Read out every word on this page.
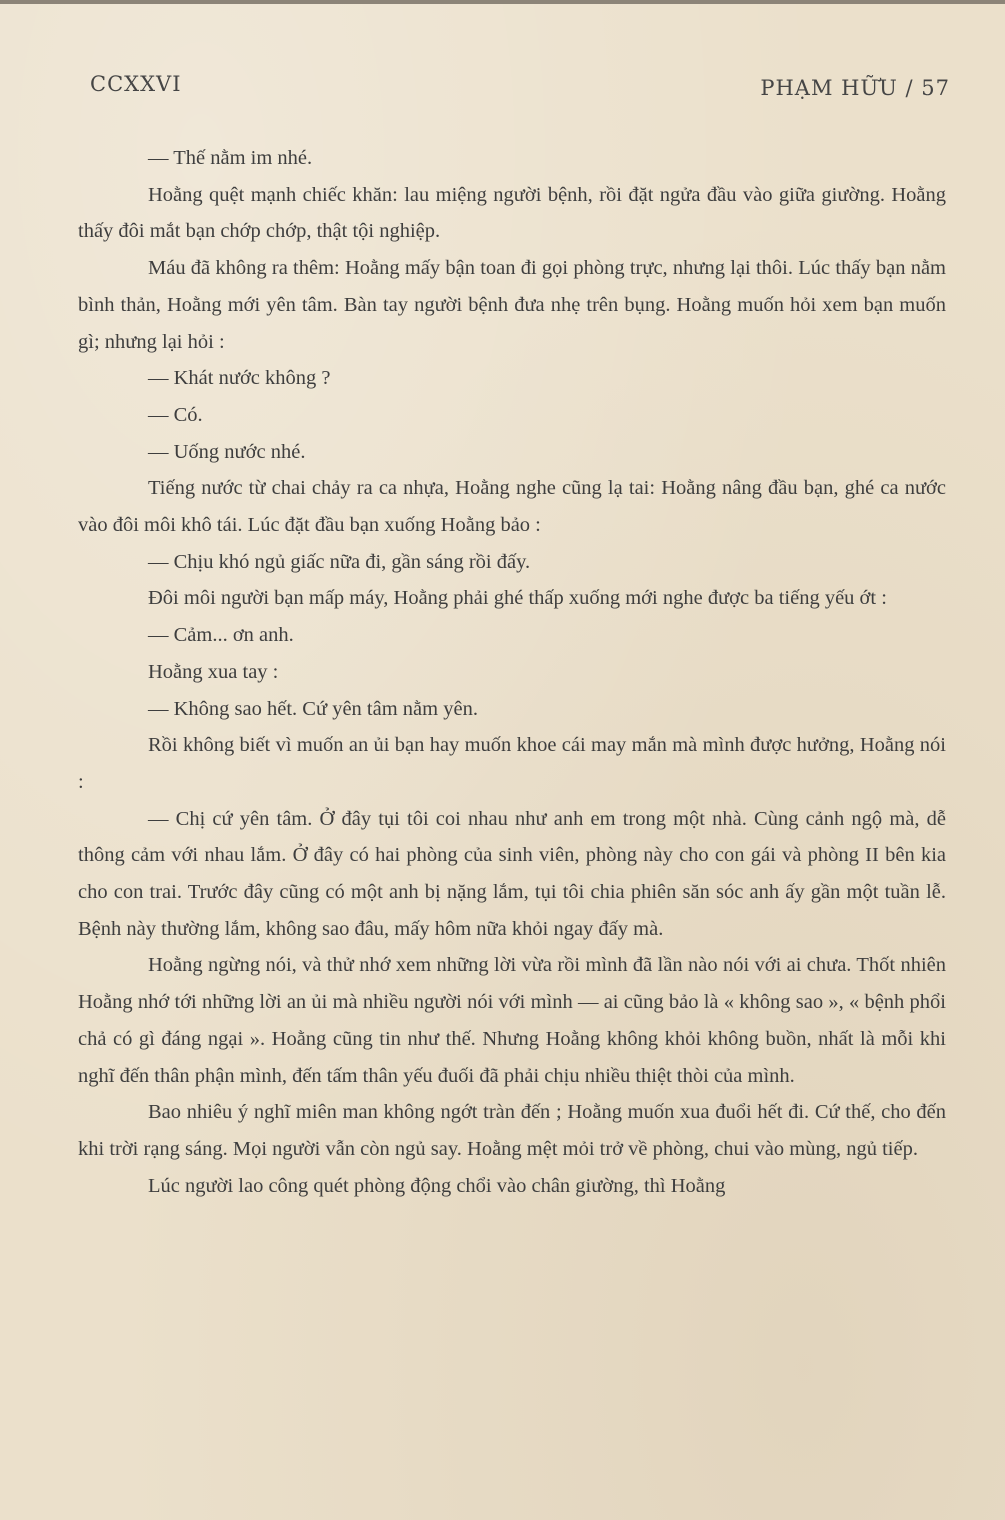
CCXXVI	PHẠM HỮU / 57

— Thế nằm im nhé.

Hoằng quệt mạnh chiếc khăn: lau miệng người bệnh, rồi đặt ngửa đầu vào giữa giường. Hoằng thấy đôi mắt bạn chớp chớp, thật tội nghiệp.

Máu đã không ra thêm: Hoằng mấy bận toan đi gọi phòng trực, nhưng lại thôi. Lúc thấy bạn nằm bình thản, Hoằng mới yên tâm. Bàn tay người bệnh đưa nhẹ trên bụng. Hoằng muốn hỏi xem bạn muốn gì; nhưng lại hỏi :

— Khát nước không ?

— Có.

— Uống nước nhé.

Tiếng nước từ chai chảy ra ca nhựa, Hoằng nghe cũng lạ tai: Hoằng nâng đầu bạn, ghé ca nước vào đôi môi khô tái. Lúc đặt đầu bạn xuống Hoằng bảo :

— Chịu khó ngủ giấc nữa đi, gần sáng rồi đấy.

Đôi môi người bạn mấp máy, Hoằng phải ghé thấp xuống mới nghe được ba tiếng yếu ớt :

— Cảm... ơn anh.

Hoằng xua tay :

— Không sao hết. Cứ yên tâm nằm yên.

Rồi không biết vì muốn an ủi bạn hay muốn khoe cái may mắn mà mình được hưởng, Hoằng nói :

— Chị cứ yên tâm. Ở đây tụi tôi coi nhau như anh em trong một nhà. Cùng cảnh ngộ mà, dễ thông cảm với nhau lắm. Ở đây có hai phòng của sinh viên, phòng này cho con gái và phòng II bên kia cho con trai. Trước đây cũng có một anh bị nặng lắm, tụi tôi chia phiên săn sóc anh ấy gần một tuần lễ. Bệnh này thường lắm, không sao đâu, mấy hôm nữa khỏi ngay đấy mà.

Hoằng ngừng nói, và thử nhớ xem những lời vừa rồi mình đã lần nào nói với ai chưa. Thốt nhiên Hoằng nhớ tới những lời an ủi mà nhiều người nói với mình — ai cũng bảo là « không sao », « bệnh phổi chả có gì đáng ngại ». Hoằng cũng tin như thế. Nhưng Hoằng không khỏi không buồn, nhất là mỗi khi nghĩ đến thân phận mình, đến tấm thân yếu đuối đã phải chịu nhiều thiệt thòi của mình.

Bao nhiêu ý nghĩ miên man không ngớt tràn đến ; Hoằng muốn xua đuổi hết đi. Cứ thế, cho đến khi trời rạng sáng. Mọi người vẫn còn ngủ say. Hoằng mệt mỏi trở về phòng, chui vào mùng, ngủ tiếp.

Lúc người lao công quét phòng động chổi vào chân giường, thì Hoằng
